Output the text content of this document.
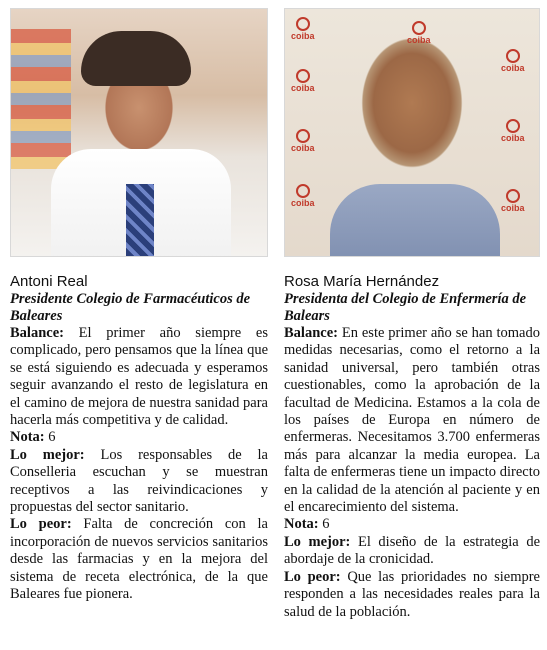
Antoni Real
Presidente Colegio de Farmacéuticos de Baleares

Balance: El primer año siempre es complicado, pero pensamos que la línea que se está siguiendo es adecuada y esperamos seguir avanzando el resto de legislatura en el camino de mejora de nuestra sanidad para hacerla más competitiva y de calidad.

Nota: 6

Lo mejor: Los responsables de la Conselleria escuchan y se muestran receptivos a las reivindicaciones y propuestas del sector sanitario.

Lo peor: Falta de concreción con la incorporación de nuevos servicios sanitarios desde las farmacias y en la mejora del sistema de receta electrónica, de la que Baleares fue pionera.

coiba	coiba
coiba
coiba
coiba
coiba
coiba
coiba
Rosa María Hernández
Presidenta del Colegio de Enfermería de Balears

Balance: En este primer año se han tomado medidas necesarias, como el retorno a la sanidad universal, pero también otras cuestionables, como la aprobación de la facultad de Medicina. Estamos a la cola de los países de Europa en número de enfermeras. Necesitamos 3.700 enfermeras más para alcanzar la media europea. La falta de enfermeras tiene un impacto directo en la calidad de la atención al paciente y en el encarecimiento del sistema.

Nota: 6

Lo mejor: El diseño de la estrategia de abordaje de la cronicidad.

Lo peor: Que las prioridades no siempre responden a las necesidades reales para la salud de la población.
